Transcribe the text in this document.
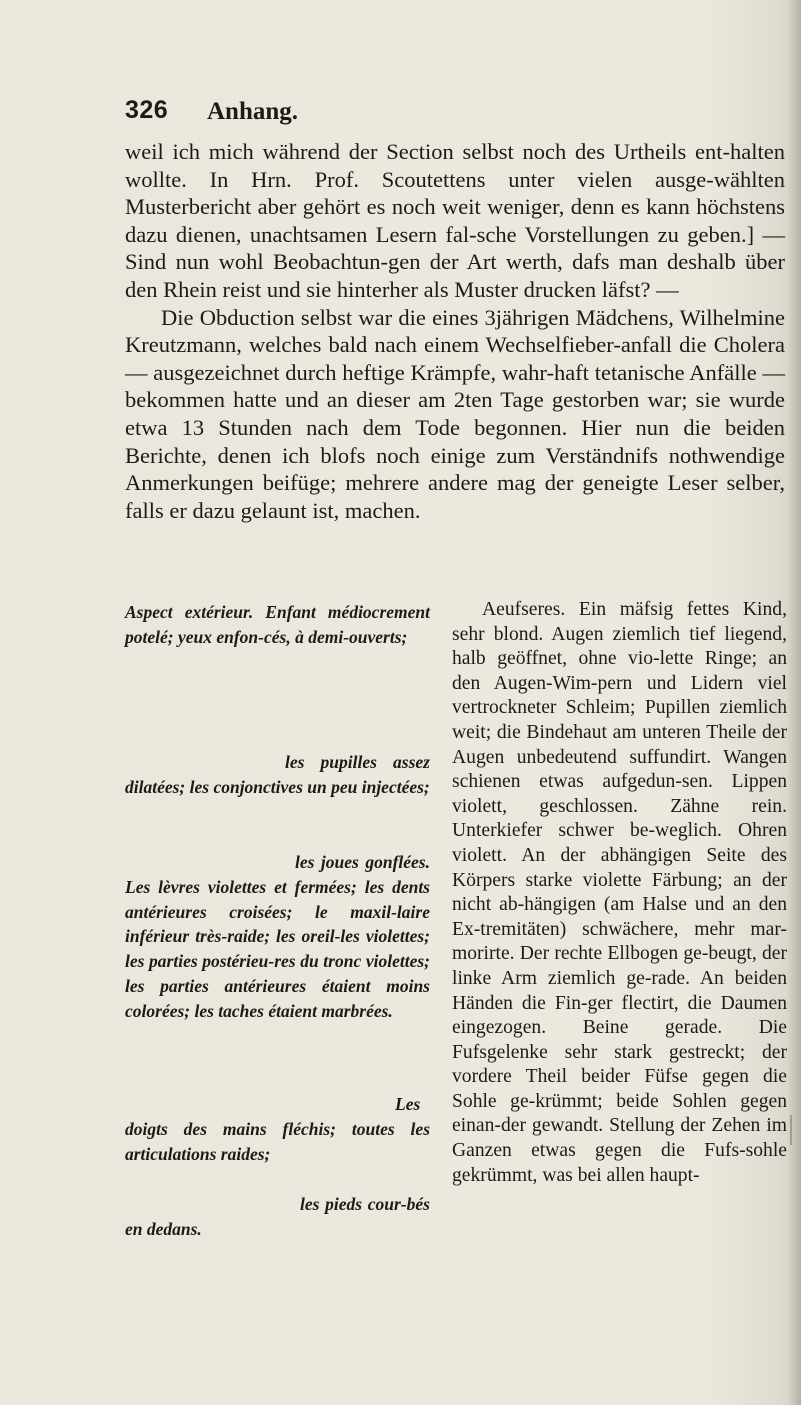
326 Anhang.

weil ich mich während der Section selbst noch des Urtheils ent-halten wollte. In Hrn. Prof. Scoutettens unter vielen ausge-wählten Musterbericht aber gehört es noch weit weniger, denn es kann höchstens dazu dienen, unachtsamen Lesern fal-sche Vorstellungen zu geben.] — Sind nun wohl Beobachtun-gen der Art werth, dafs man deshalb über den Rhein reist und sie hinterher als Muster drucken läfst? —

Die Obduction selbst war die eines 3jährigen Mädchens, Wilhelmine Kreutzmann, welches bald nach einem Wechselfieber-anfall die Cholera — ausgezeichnet durch heftige Krämpfe, wahr-haft tetanische Anfälle — bekommen hatte und an dieser am 2ten Tage gestorben war; sie wurde etwa 13 Stunden nach dem Tode begonnen. Hier nun die beiden Berichte, denen ich blofs noch einige zum Verständnifs nothwendige Anmerkungen beifüge; mehrere andere mag der geneigte Leser selber, falls er dazu gelaunt ist, machen.

Aspect extérieur. Enfant médiocrement potelé; yeux enfon-cés, à demi-ouverts;
les pupilles assez dilatées; les conjonctives un peu injectées;
les joues gonflées. Les lèvres violettes et fermées; les dents antérieures croisées; le maxil-laire inférieur très-raide; les oreil-les violettes; les parties postérieu-res du tronc violettes; les parties antérieures étaient moins colorées; les taches étaient marbrées.
Les doigts des mains fléchis; toutes les articulations raides;
les pieds cour-bés en dedans.

Aeufseres. Ein mäfsig fettes Kind, sehr blond. Augen ziemlich tief liegend, halb geöffnet, ohne vio-lette Ringe; an den Augen-Wim-pern und Lidern viel vertrockneter Schleim; Pupillen ziemlich weit; die Bindehaut am unteren Theile der Augen unbedeutend suffundirt. Wangen schienen etwas aufgedun-sen. Lippen violett, geschlossen. Zähne rein. Unterkiefer schwer be-weglich. Ohren violett. An der abhängigen Seite des Körpers starke violette Färbung; an der nicht ab-hängigen (am Halse und an den Ex-tremitäten) schwächere, mehr mar-morirte. Der rechte Ellbogen ge-beugt, der linke Arm ziemlich ge-rade. An beiden Händen die Fin-ger flectirt, die Daumen eingezogen. Beine gerade. Die Fufsgelenke sehr stark gestreckt; der vordere Theil beider Füfse gegen die Sohle ge-krümmt; beide Sohlen gegen einan-der gewandt. Stellung der Zehen im Ganzen etwas gegen die Fufs-sohle gekrümmt, was bei allen haupt-
